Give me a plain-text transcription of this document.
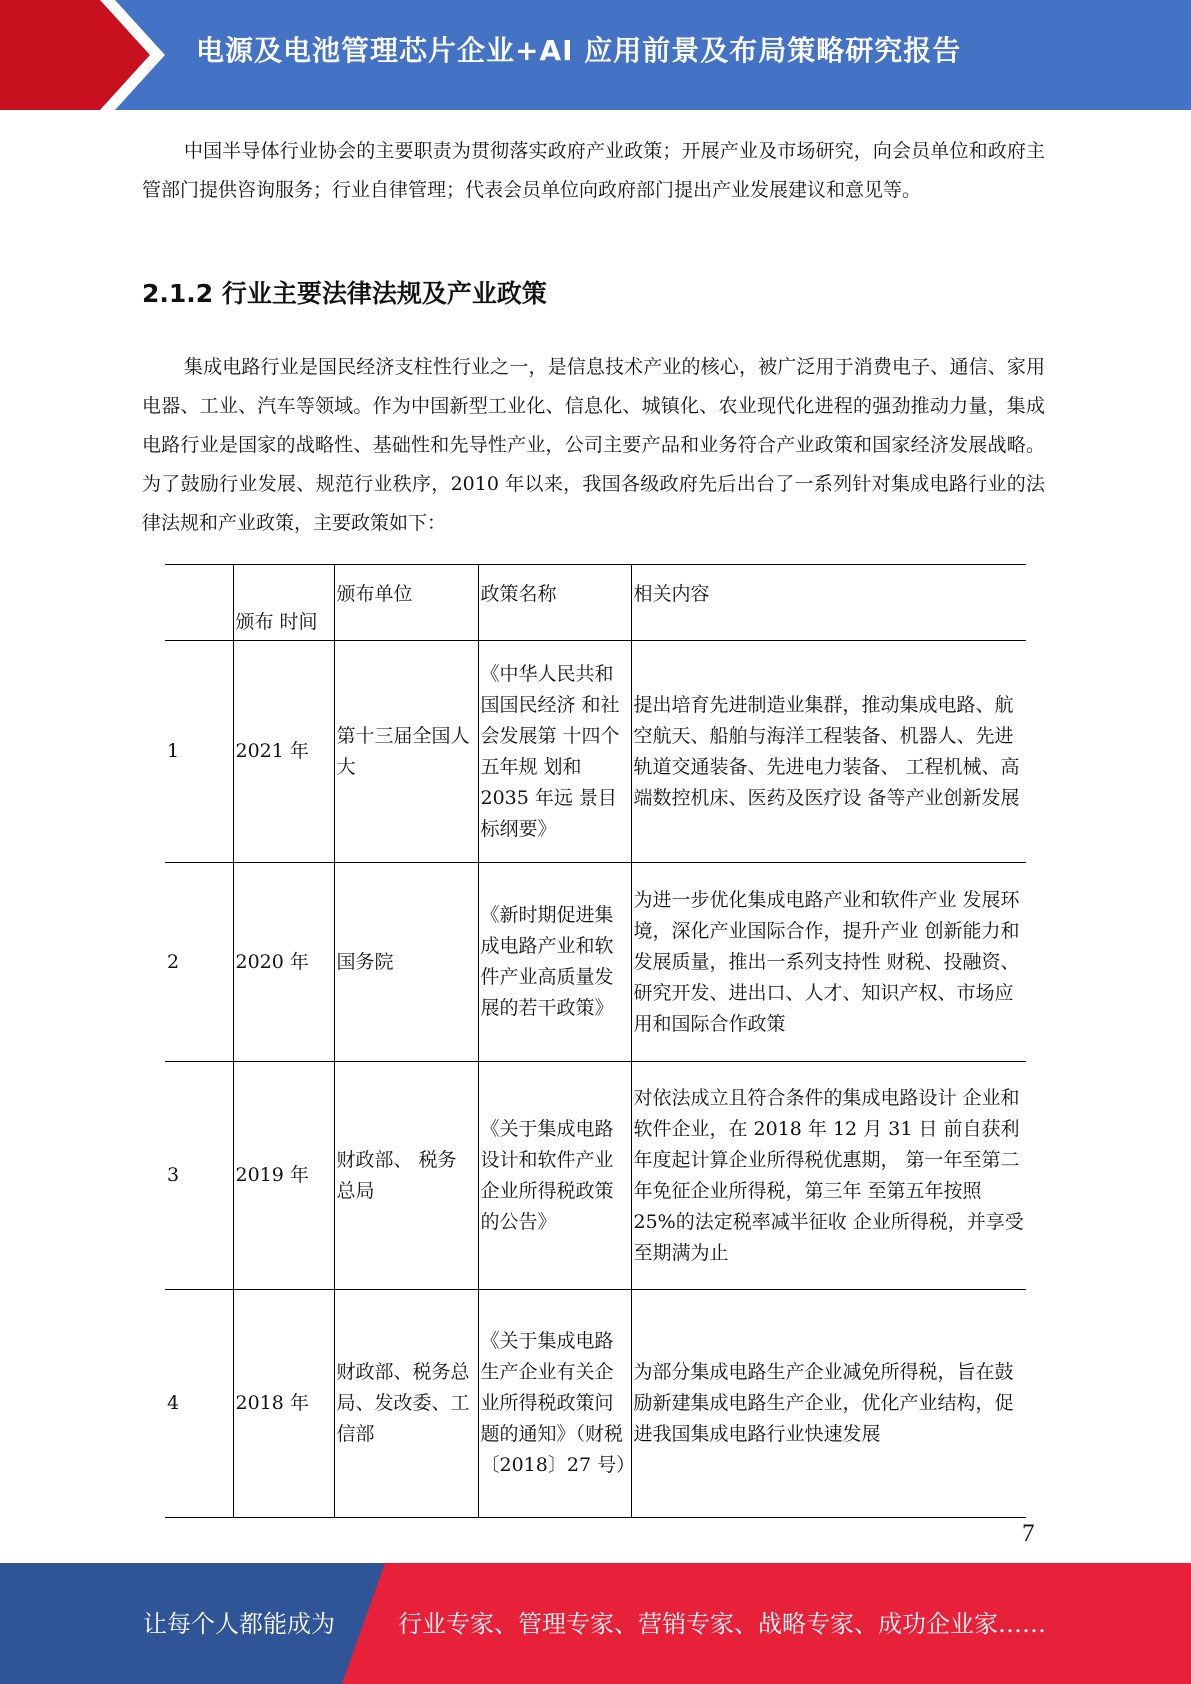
电源及电池管理芯片企业+AI 应用前景及布局策略研究报告

中国半导体行业协会的主要职责为贯彻落实政府产业政策；开展产业及市场研究，向会员单位和政府主管部门提供咨询服务；行业自律管理；代表会员单位向政府部门提出产业发展建议和意见等。

2.1.2 行业主要法律法规及产业政策

集成电路行业是国民经济支柱性行业之一，是信息技术产业的核心，被广泛用于消费电子、通信、家用电器、工业、汽车等领域。作为中国新型工业化、信息化、城镇化、农业现代化进程的强劲推动力量，集成电路行业是国家的战略性、基础性和先导性产业，公司主要产品和业务符合产业政策和国家经济发展战略。为了鼓励行业发展、规范行业秩序，2010 年以来，我国各级政府先后出台了一系列针对集成电路行业的法律法规和产业政策，主要政策如下：

	颁布 时间	颁布单位	政策名称	相关内容
1	2021 年	第十三届全国人大	《中华人民共和国国民经济 和社会发展第 十四个五年规 划和 2035 年远 景目标纲要》	提出培育先进制造业集群，推动集成电路、航空航天、船舶与海洋工程装备、机器人、先进轨道交通装备、先进电力装备、 工程机械、高端数控机床、医药及医疗设 备等产业创新发展
2	2020 年	国务院	《新时期促进集成电路产业和软件产业高质量发展的若干政策》	为进一步优化集成电路产业和软件产业 发展环境，深化产业国际合作，提升产业 创新能力和发展质量，推出一系列支持性 财税、投融资、研究开发、进出口、人才、知识产权、市场应用和国际合作政策
3	2019 年	财政部、 税务总局	《关于集成电路设计和软件产业企业所得税政策的公告》	对依法成立且符合条件的集成电路设计 企业和软件企业，在 2018 年 12 月 31 日 前自获利年度起计算企业所得税优惠期， 第一年至第二年免征企业所得税，第三年 至第五年按照 25%的法定税率减半征收 企业所得税，并享受至期满为止
4	2018 年	财政部、税务总局、发改委、工信部	《关于集成电路生产企业有关企业所得税政策问题的通知》（财税〔2018〕27 号）	为部分集成电路生产企业减免所得税，旨在鼓励新建集成电路生产企业，优化产业结构，促进我国集成电路行业快速发展
7
让每个人都能成为	行业专家、管理专家、营销专家、战略专家、成功企业家……
